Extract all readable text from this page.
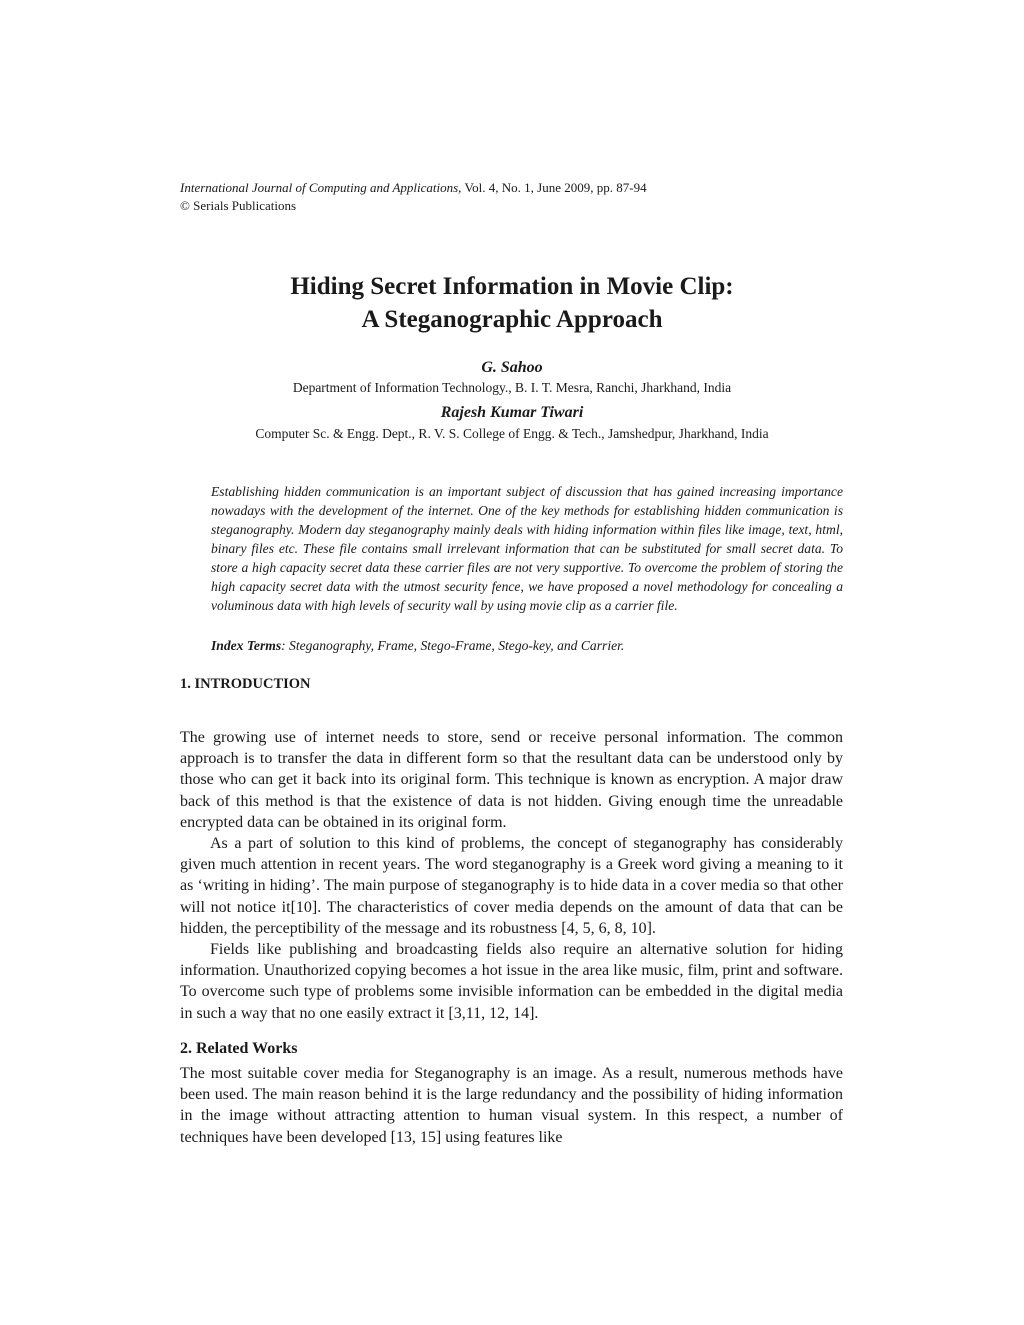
International Journal of Computing and Applications, Vol. 4, No. 1, June 2009, pp. 87-94
© Serials Publications
Hiding Secret Information in Movie Clip:
A Steganographic Approach
G. Sahoo
Department of Information Technology., B. I. T. Mesra, Ranchi, Jharkhand, India
Rajesh Kumar Tiwari
Computer Sc. & Engg. Dept., R. V. S. College of Engg. & Tech., Jamshedpur, Jharkhand, India
Establishing hidden communication is an important subject of discussion that has gained increasing importance nowadays with the development of the internet. One of the key methods for establishing hidden communication is steganography. Modern day steganography mainly deals with hiding information within files like image, text, html, binary files etc. These file contains small irrelevant information that can be substituted for small secret data. To store a high capacity secret data these carrier files are not very supportive. To overcome the problem of storing the high capacity secret data with the utmost security fence, we have proposed a novel methodology for concealing a voluminous data with high levels of security wall by using movie clip as a carrier file.
Index Terms: Steganography, Frame, Stego-Frame, Stego-key, and Carrier.
1. INTRODUCTION

The growing use of internet needs to store, send or receive personal information. The common approach is to transfer the data in different form so that the resultant data can be understood only by those who can get it back into its original form. This technique is known as encryption. A major draw back of this method is that the existence of data is not hidden. Giving enough time the unreadable encrypted data can be obtained in its original form.

As a part of solution to this kind of problems, the concept of steganography has considerably given much attention in recent years. The word steganography is a Greek word giving a meaning to it as ‘writing in hiding’. The main purpose of steganography is to hide data in a cover media so that other will not notice it[10]. The characteristics of cover media depends on the amount of data that can be hidden, the perceptibility of the message and its robustness [4, 5, 6, 8, 10].

Fields like publishing and broadcasting fields also require an alternative solution for hiding information. Unauthorized copying becomes a hot issue in the area like music, film, print and software. To overcome such type of problems some invisible information can be embedded in the digital media in such a way that no one easily extract it [3,11, 12, 14].

2. Related Works

The most suitable cover media for Steganography is an image. As a result, numerous methods have been used. The main reason behind it is the large redundancy and the possibility of hiding information in the image without attracting attention to human visual system. In this respect, a number of techniques have been developed [13, 15] using features like
